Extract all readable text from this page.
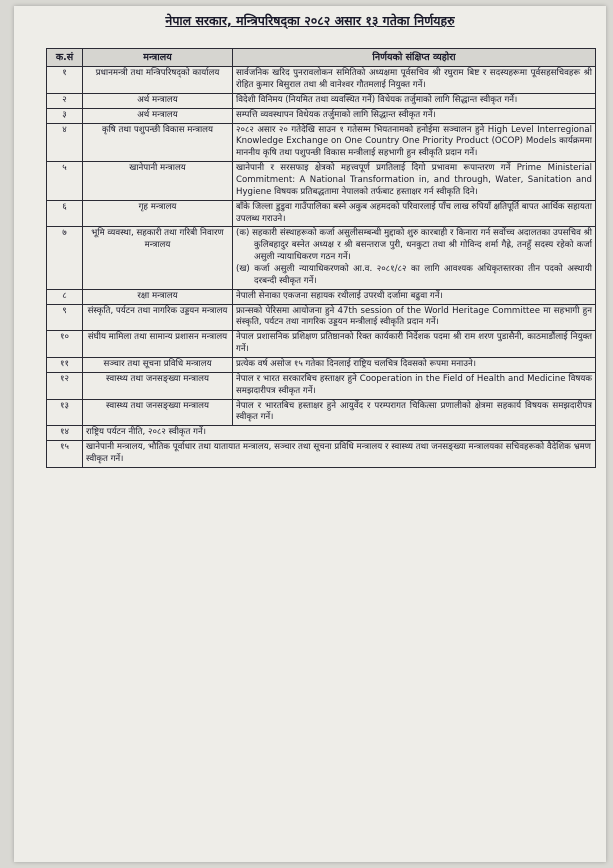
नेपाल सरकार, मन्त्रिपरिषद्‌का २०८२ असार १३ गतेका निर्णयहरु
क.सं	मन्त्रालय	निर्णयको संक्षिप्त व्यहोरा
१	प्रधानमन्त्री तथा मन्त्रिपरिषद्‌को कार्यालय	सार्वजनिक खरिद पुनरावलोकन समितिको अध्यक्षमा पूर्वसचिव श्री रघुराम बिष्ट र सदस्यहरूमा पूर्वसहसचिवहरू श्री रोहित कुमार बिसुराल तथा श्री वानेश्वर गौतमलाई नियुक्त गर्ने।
२	अर्थ मन्त्रालय	विदेशी विनिमय (नियमित तथा व्यवस्थित गर्ने) विधेयक तर्जुमाको लागि सिद्धान्त स्वीकृत गर्ने।
३	अर्थ मन्त्रालय	सम्पत्ति व्यवस्थापन विधेयक तर्जुमाको लागि सिद्धान्त स्वीकृत गर्ने।
४	कृषि तथा पशुपन्छी विकास मन्त्रालय	२०८२ असार २० गतेदेखि साउन १ गतेसम्म भियतनामको हनोईमा सञ्चालन हुने High Level Interregional Knowledge Exchange on One Country One Priority Product (OCOP) Models कार्यक्रममा माननीय कृषि तथा पशुपन्छी विकास मन्त्रीलाई सहभागी हुन स्वीकृति प्रदान गर्ने।
५	खानेपानी मन्त्रालय	खानेपानी र सरसफाइ क्षेत्रको महत्त्वपूर्ण प्रगतिलाई दिगो प्रभावमा रूपान्तरण गर्ने Prime Ministerial Commitment: A National Transformation in, and through, Water, Sanitation and Hygiene विषयक प्रतिबद्धतामा नेपालको तर्फबाट हस्ताक्षर गर्न स्वीकृति दिने।
६	गृह मन्त्रालय	बाँके जिल्ला डुडुवा गाउँपालिका बस्ने अकुब अहमदको परिवारलाई पाँच लाख रुपियाँ क्षतिपूर्ति बापत आर्थिक सहायता उपलब्ध गराउने।
७	भूमि व्यवस्था, सहकारी तथा गरिबी निवारण मन्त्रालय	(क) सहकारी संस्थाहरूको कर्जा असुलीसम्बन्धी मुद्दाको शुरु कारबाही र किनारा गर्न सर्वोच्च अदालतका उपसचिव श्री कुलिबहादुर बस्नेत अध्यक्ष र श्री बसन्तराज पुरी, धनकुटा तथा श्री गोविन्द शर्मा गैह्रे, तनहुँ सदस्य रहेको कर्जा असुली न्यायाधिकरण गठन गर्ने।
(ख) कर्जा असुली न्यायाधिकरणको आ.व. २०८१/८२ का लागि आवश्यक अधिकृतस्तरका तीन पदको अस्थायी दरबन्दी स्वीकृत गर्ने।

८	रक्षा मन्त्रालय	नेपाली सेनाका एकजना सहायक रथीलाई उपरथी दर्जामा बढुवा गर्ने।
९	संस्कृति, पर्यटन तथा नागरिक उड्डयन मन्त्रालय	फ्रान्सको पेरिसमा आयोजना हुने 47th session of the World Heritage Committee मा सहभागी हुन संस्कृति, पर्यटन तथा नागरिक उड्डयन मन्त्रीलाई स्वीकृति प्रदान गर्ने।
१०	संघीय मामिला तथा सामान्य प्रशासन मन्त्रालय	नेपाल प्रशासनिक प्रशिक्षण प्रतिष्ठानको रिक्त कार्यकारी निर्देशक पदमा श्री राम शरण पुडासैनी, काठमाडौंलाई नियुक्त गर्ने।
११	सञ्चार तथा सूचना प्रविधि मन्त्रालय	प्रत्येक वर्ष असोज १५ गतेका दिनलाई राष्ट्रिय चलचित्र दिवसको रूपमा मनाउने।
१२	स्वास्थ्य तथा जनसङ्ख्या मन्त्रालय	नेपाल र भारत सरकारबिच हस्ताक्षर हुने Cooperation in the Field of Health and Medicine विषयक समझदारीपत्र स्वीकृत गर्ने।
१३	स्वास्थ्य तथा जनसङ्ख्या मन्त्रालय	नेपाल र भारतबिच हस्ताक्षर हुने आयुर्वेद र परम्परागत चिकित्सा प्रणालीको क्षेत्रमा सहकार्य विषयक समझदारीपत्र स्वीकृत गर्ने।
१४	राष्ट्रिय पर्यटन नीति, २०८२ स्वीकृत गर्ने।	
१५	खानेपानी मन्त्रालय, भौतिक पूर्वाधार तथा यातायात मन्त्रालय, सञ्चार तथा सूचना प्रविधि मन्त्रालय र स्वास्थ्य तथा जनसङ्ख्या मन्त्रालयका सचिवहरूको वैदेशिक भ्रमण स्वीकृत गर्ने।	
